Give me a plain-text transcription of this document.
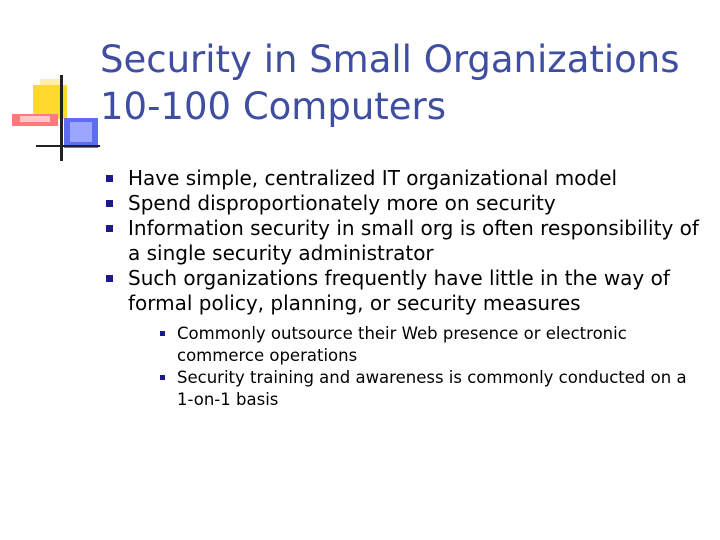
Security in Small Organizations
10-100 Computers
Have simple, centralized IT organizational model
Spend disproportionately more on security
Information security in small org is often responsibility of a single security administrator
Such organizations frequently have little in the way of formal policy, planning, or security measures
Commonly outsource their Web presence or electronic commerce operations
Security training and awareness is commonly conducted on a 1-on-1 basis
